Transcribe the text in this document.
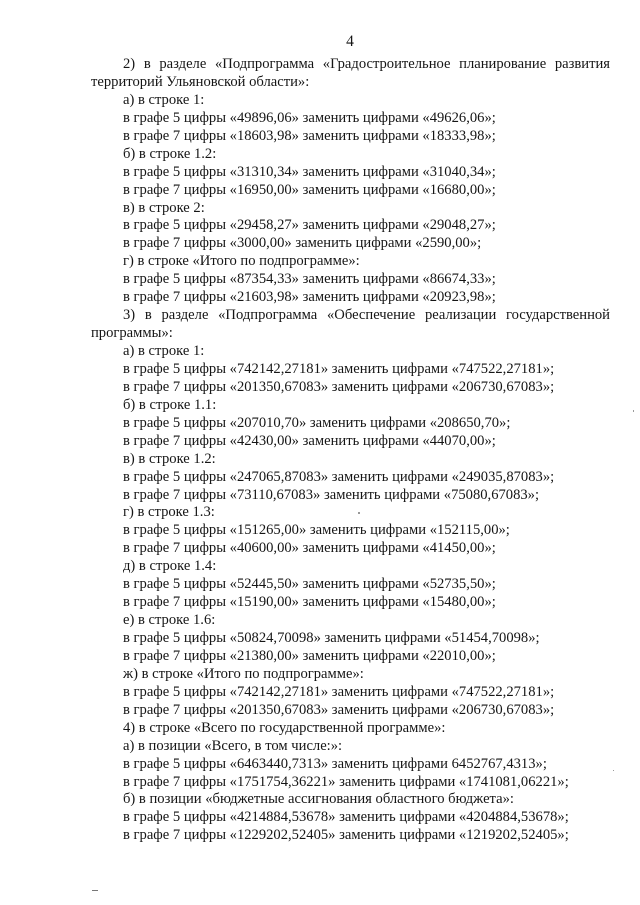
4
2) в разделе «Подпрограмма «Градостроительное планирование развития
территорий Ульяновской области»:
а) в строке 1:
в графе 5 цифры «49896,06» заменить цифрами «49626,06»;
в графе 7 цифры «18603,98» заменить цифрами «18333,98»;
б) в строке 1.2:
в графе 5 цифры «31310,34» заменить цифрами «31040,34»;
в графе 7 цифры «16950,00» заменить цифрами «16680,00»;
в) в строке 2:
в графе 5 цифры «29458,27» заменить цифрами «29048,27»;
в графе 7 цифры «3000,00» заменить цифрами «2590,00»;
г) в строке «Итого по подпрограмме»:
в графе 5 цифры «87354,33» заменить цифрами «86674,33»;
в графе 7 цифры «21603,98» заменить цифрами «20923,98»;
3) в разделе «Подпрограмма «Обеспечение реализации государственной
программы»:
а) в строке 1:
в графе 5 цифры «742142,27181» заменить цифрами «747522,27181»;
в графе 7 цифры «201350,67083» заменить цифрами «206730,67083»;
б) в строке 1.1:
в графе 5 цифры «207010,70» заменить цифрами «208650,70»;
в графе 7 цифры «42430,00» заменить цифрами «44070,00»;
в) в строке 1.2:
в графе 5 цифры «247065,87083» заменить цифрами «249035,87083»;
в графе 7 цифры «73110,67083» заменить цифрами «75080,67083»;
г) в строке 1.3:
в графе 5 цифры «151265,00» заменить цифрами «152115,00»;
в графе 7 цифры «40600,00» заменить цифрами «41450,00»;
д) в строке 1.4:
в графе 5 цифры «52445,50» заменить цифрами «52735,50»;
в графе 7 цифры «15190,00» заменить цифрами «15480,00»;
е) в строке 1.6:
в графе 5 цифры «50824,70098» заменить цифрами «51454,70098»;
в графе 7 цифры «21380,00» заменить цифрами «22010,00»;
ж) в строке «Итого по подпрограмме»:
в графе 5 цифры «742142,27181» заменить цифрами «747522,27181»;
в графе 7 цифры «201350,67083» заменить цифрами «206730,67083»;
4) в строке «Всего по государственной программе»:
а) в позиции «Всего, в том числе:»:
в графе 5 цифры «6463440,7313» заменить цифрами 6452767,4313»;
в графе 7 цифры «1751754,36221» заменить цифрами «1741081,06221»;
б) в позиции «бюджетные ассигнования областного бюджета»:
в графе 5 цифры «4214884,53678» заменить цифрами «4204884,53678»;
в графе 7 цифры «1229202,52405» заменить цифрами «1219202,52405»;
